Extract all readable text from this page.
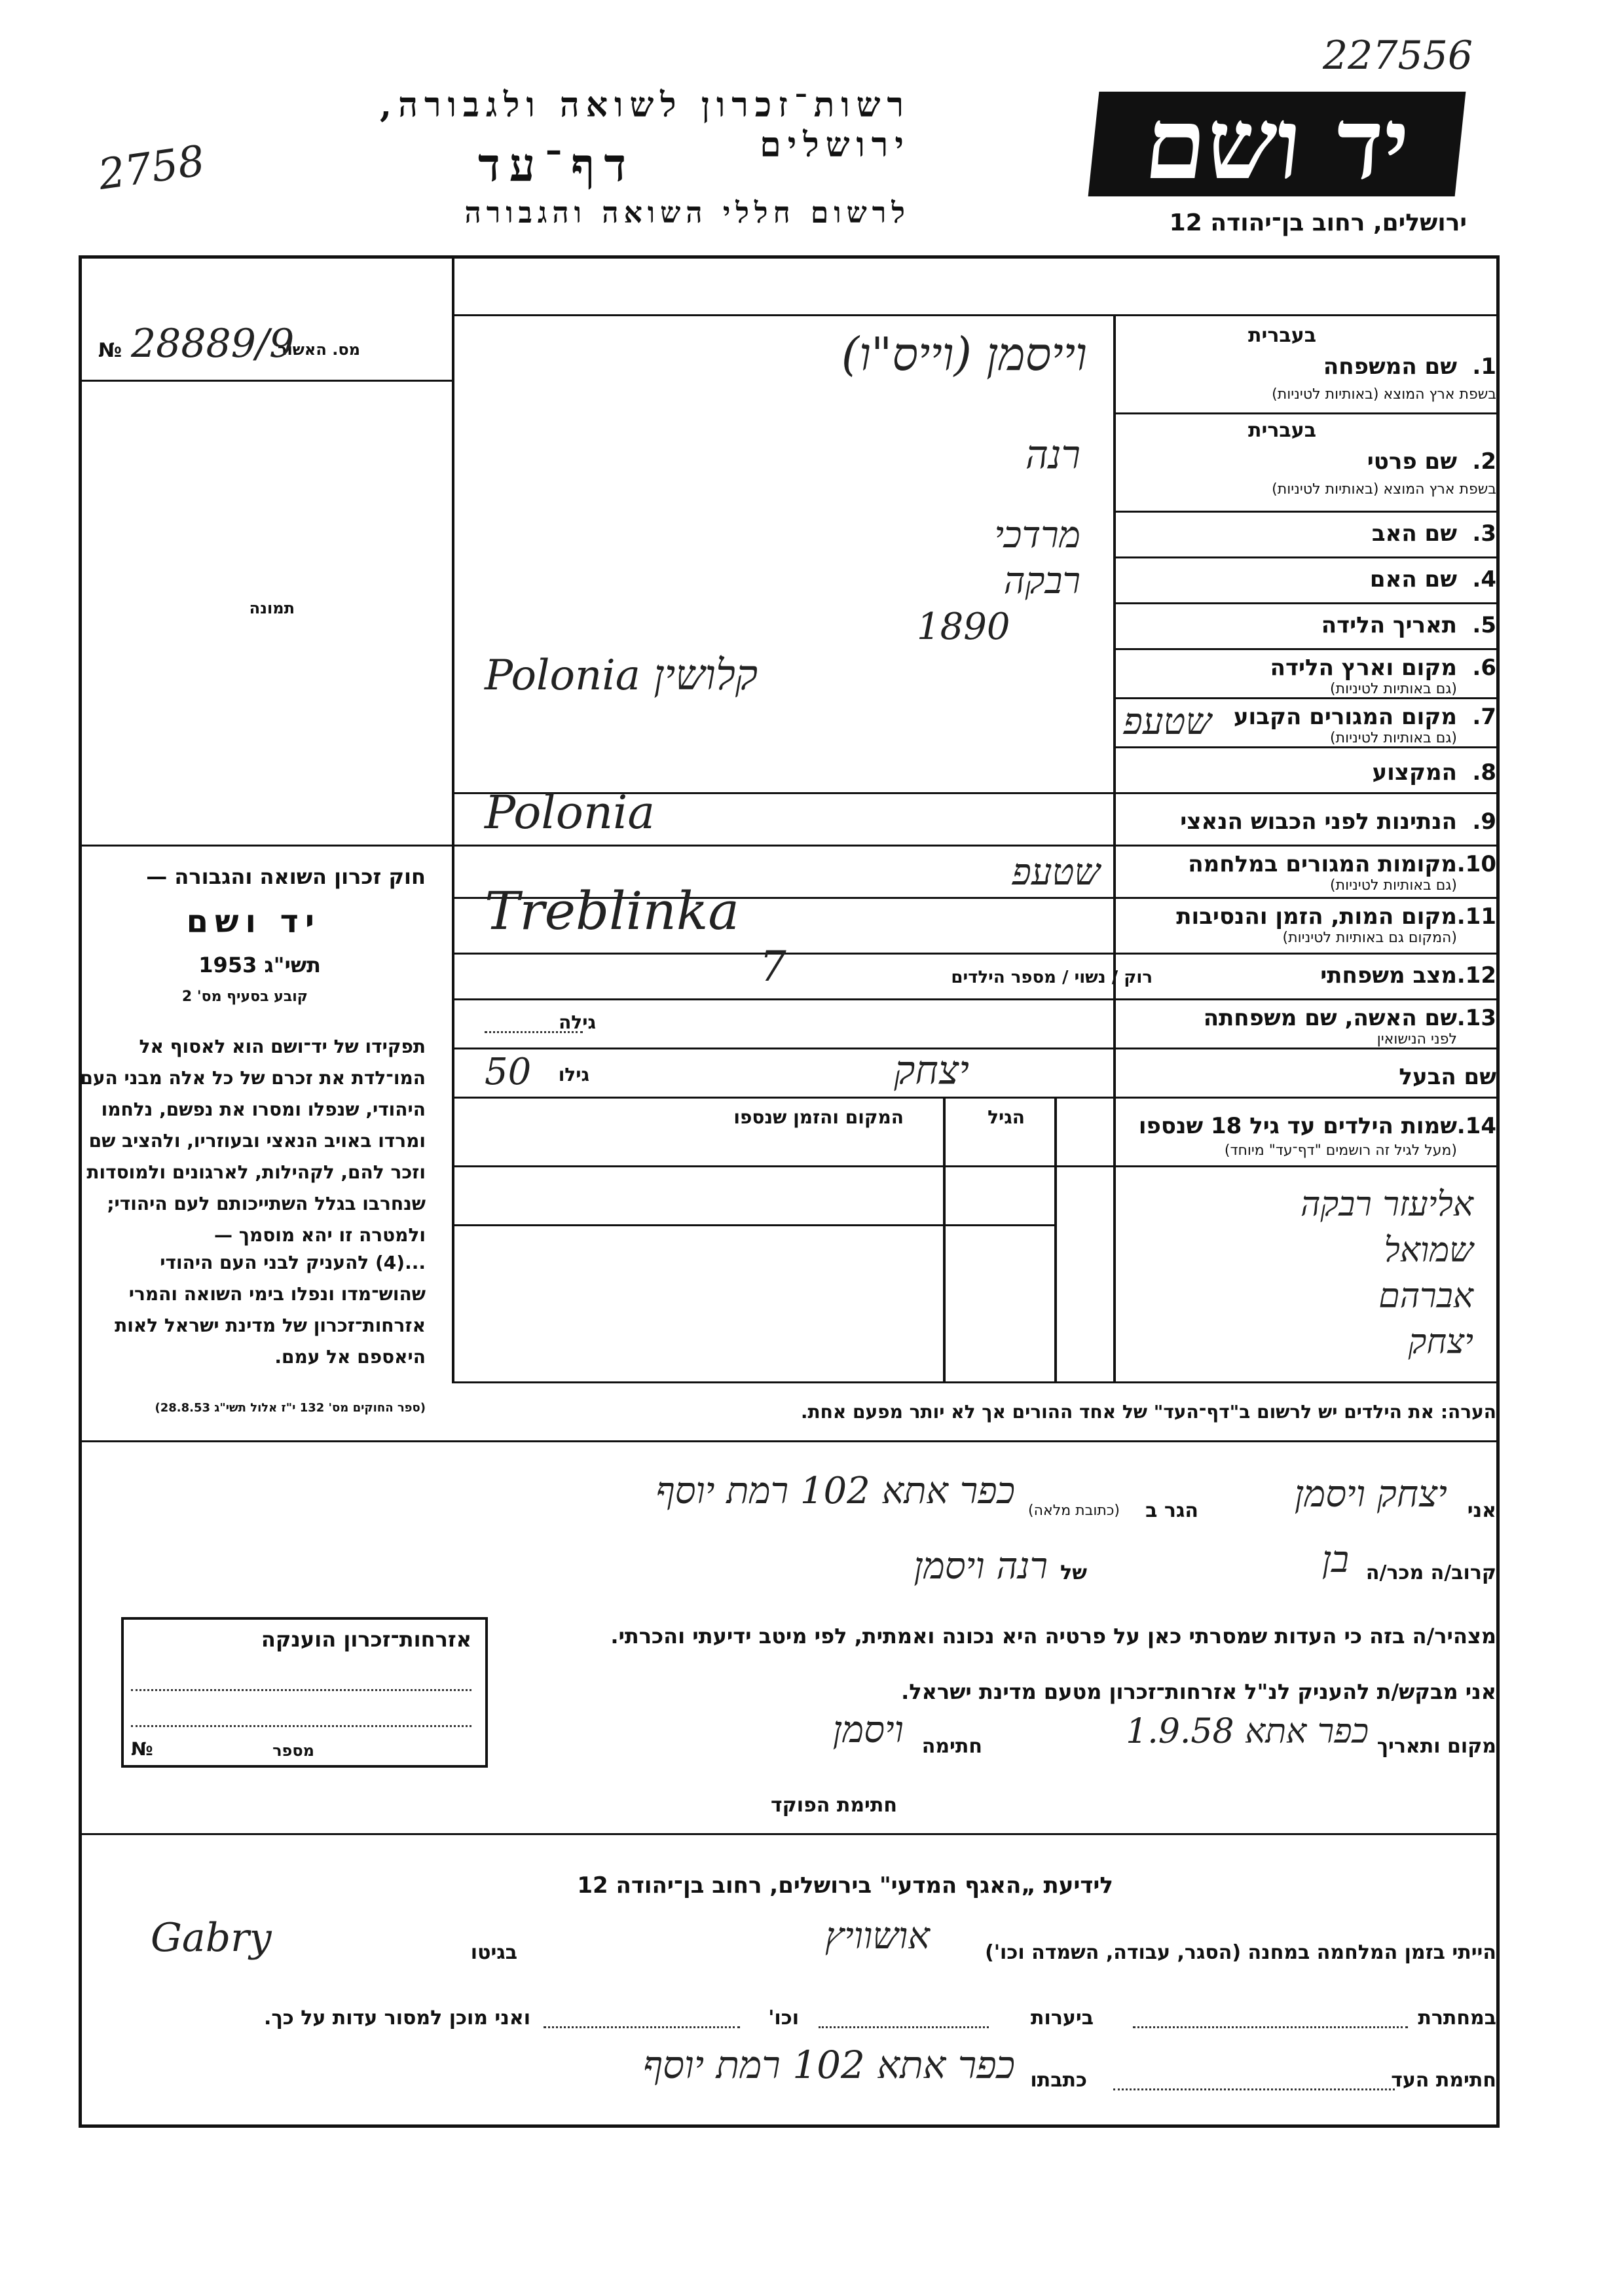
רשות־זכרון לשואה ולגבורה, ירושלים
דף־עד
לרשום חללי השואה והגבורה
יד ושם
ירושלים, רחוב בן־יהודה 12
227556
2758
מס. האשור
№ 28889/9
תמונה
בעברית
1.
שם המשפחה
בשפת ארץ המוצא (באותיות לטיניות)
וייסמן (וייס"ו)
בעברית
2.
שם פרטי
בשפת ארץ המוצא (באותיות לטיניות)
רנה
3.
שם האב
מרדכי
4.
שם האם
רבקה
5.
תאריך הלידה
1890
6.
מקום וארץ הלידה
(גם באותיות לטיניות)
Polonia קלושין
7.
מקום המגורים הקבוע
(גם באותיות לטיניות)
שטעפ
8.
המקצוע
Polonia	9.
הנתינות לפני הכבוש הנאצי
10.
מקומות המגורים במלחמה
(גם באותיות לטיניות)
שטעפ
11.
מקום המות, הזמן והנסיבות
(המקום גם באותיות לטיניות)
Treblinka
12.
מצב משפחתי
רוק / נשוי / מספר הילדים
7
13.
שם האשה, שם משפחתה
לפני הנישואין
גילה
שם הבעל
יצחק
גילו
50
14.
שמות הילדים עד גיל 18 שנספו
(מעל לגיל זה רושמים "דף־עד" מיוחד)
הגיל
המקום והזמן שנספו
אליעזר רבקה
שמואל
אברהם
יצחק
חוק זכרון השואה והגבורה —
יד ושם
תשי"ג 1953
קובע בסעיף מס' 2
תפקידו של יד־ושם הוא לאסוף אל המו־לדת את זכרם של כל אלה מבני העם היהודי, שנפלו ומסרו את נפשם, נלחמו ומרדו באויב הנאצי ובעוזריו, ולהציב שם וזכר להם, לקהילות, לארגונים ולמוסדות שנחרבו בגלל השתייכותם לעם היהודי; ולמטרה זו יהא מוסמך —
...(4) להעניק לבני העם היהודי שהוש־מדו ונפלו בימי השואה והמרי אזרחות־זכרון של מדינת ישראל לאות היאספם אל עמם.
(ספר החוקים מס' 132 י"ז אלול תשי"ג 28.8.53)	הערה: את הילדים יש לרשום ב"דף־העד" של אחד ההורים אך לא יותר מפעם אחת.
אני
יצחק ויסמן
הגר ב
(כתובת מלאה)
כפר אתא 102 רמת יוסף
קרוב/ה מכר/ה
בן
של
רנה ויסמן
מצהיר/ה בזה כי העדות שמסרתי כאן על פרטיה היא נכונה ואמתית, לפי מיטב ידיעתי והכרתי.
אני מבקש/ת להעניק לנ"ל אזרחות־זכרון מטעם מדינת ישראל.
מקום ותאריך
כפר אתא 1.9.58
חתימה
ויסמן
חתימת הפוקד
אזרחות־זכרון הוענקה
מספר
№
לידיעת „האגף המדעי" בירושלים, רחוב בן־יהודה 12
הייתי בזמן המלחמה במחנה (הסגר, עבודה, השמדה וכו')
אושוויץ
בגיטו
Gabry
במחתרת
ביערות
וכו'
ואני מוכן למסור עדות על כך.
חתימת העד
כתבתו
כפר אתא 102 רמת יוסף
